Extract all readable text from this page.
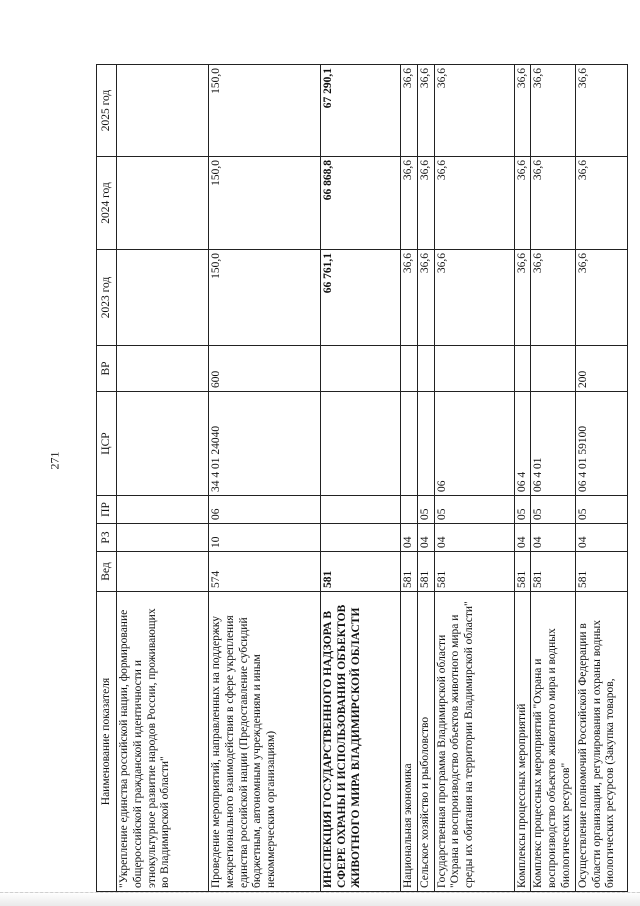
271
Наименование показателя	Вед	РЗ	ПР	ЦСР	ВР	2023 год	2024 год	2025 год
"Укрепление единства российской нации, формирование общероссийской гражданской идентичности и этнокультурное развитие народов России, проживающих во Владимирской области"								
Проведение мероприятий, направленных на поддержку межрегионального взаимодействия в сфере укрепления единства российской нации (Предоставление субсидий бюджетным, автономным учреждениям и иным некоммерческим организациям)	574	10	06	34 4 01 24040	600	150,0	150,0	150,0
ИНСПЕКЦИЯ ГОСУДАРСТВЕННОГО НАДЗОРА В СФЕРЕ ОХРАНЫ И ИСПОЛЬЗОВАНИЯ ОБЪЕКТОВ ЖИВОТНОГО МИРА ВЛАДИМИРСКОЙ ОБЛАСТИ	581					66 761,1	66 868,8	67 290,1
Национальная экономика	581	04				36,6	36,6	36,6
Сельское хозяйство и рыболовство	581	04	05			36,6	36,6	36,6
Государственная программа Владимирской области "Охрана и воспроизводство объектов животного мира и среды их обитания на территории Владимирской области"	581	04	05	06		36,6	36,6	36,6
Комплексы процессных мероприятий	581	04	05	06 4		36,6	36,6	36,6
Комплекс процессных мероприятий "Охрана и воспроизводство объектов животного мира и водных биологических ресурсов"	581	04	05	06 4 01		36,6	36,6	36,6
Осуществление полномочий Российской Федерации в области организации, регулирования и охраны водных биологических ресурсов (Закупка товаров,	581	04	05	06 4 01 59100	200	36,6	36,6	36,6
